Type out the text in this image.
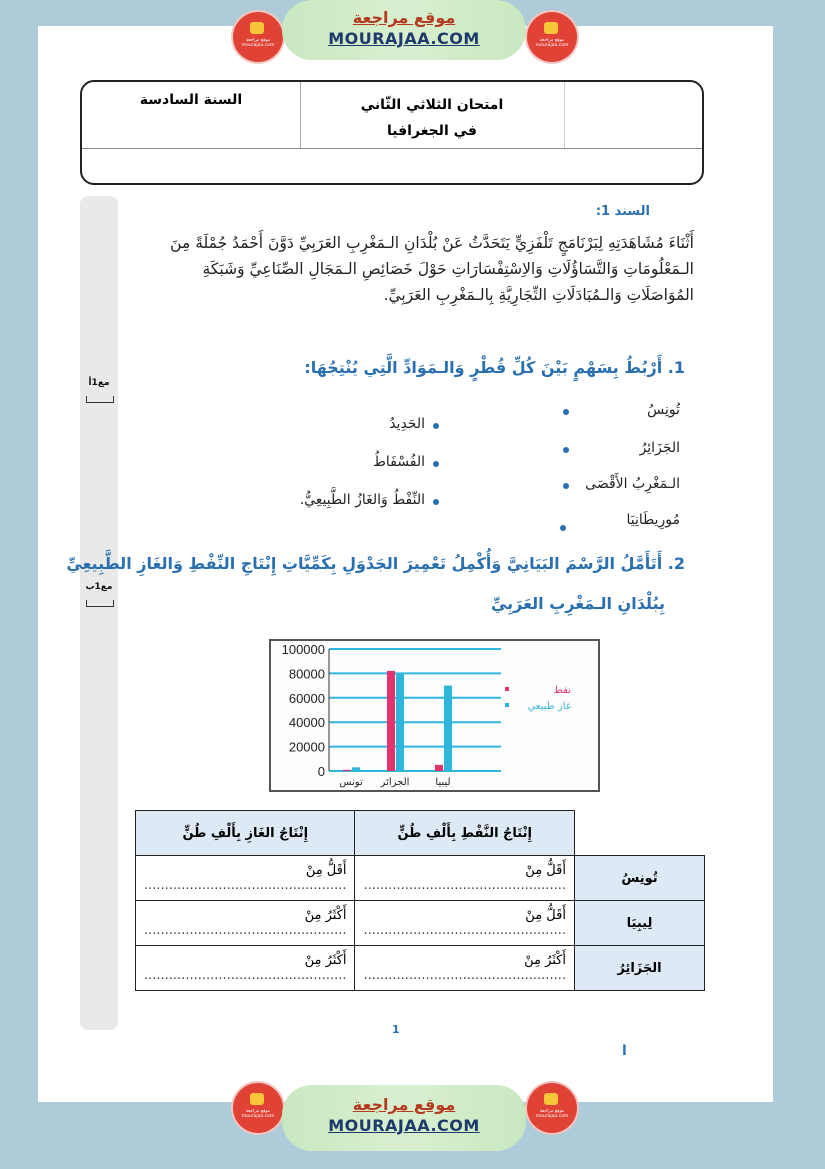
موقع مراجعة mourajaa.com
موقع مراجعة
MOURAJAA.COM	موقع مراجعة mourajaa.com
امتحان الثلاثي الثّاني
في الجغرافيا
السنة السادسة
مع1أ
مع1ب
السند 1:
أَثْنَاءَ مُشَاهَدَتِهِ لِبَرْنَامَجٍ تَلْفَزِيٍّ يَتَحَدَّثُ عَنْ بُلْدَانِ الـمَغْرِبِ العَرَبِيِّ دَوَّنَ أَحْمَدُ جُمْلَةً مِنَ الـمَعْلُومَاتِ وَالتَّسَاؤُلَاتِ وَالاِسْتِفْسَارَاتِ حَوْلَ خَصَائِصِ الـمَجَالِ الصِّنَاعِيِّ وَشَبَكَةِ المُوَاصَلَاتِ وَالـمُبَادَلَاتِ التِّجَارِيَّةِ بِالـمَغْرِبِ العَرَبِيِّ.
1. أَرْبُطُ بِسَهْمٍ بَيْنَ كُلِّ قُطْرٍ وَالـمَوَادِّ الَّتِي يُنْتِجُهَا:
تُونِسُ
الجَزَائِرُ
الـمَغْرِبُ الأَقْصَى
مُورِيطَانِيَا
الحَدِيدُ
الفُسْفَاطُ
النِّفْطُ وَالغَازُ الطَّبِيعِيُّ.
2. أَتَأَمَّلُ الرَّسْمَ البَيَانِيَّ وَأُكْمِلُ تَعْمِيرَ الجَدْوَلِ بِكَمِّيَّاتِ إِنْتَاجِ النِّفْطِ وَالغَازِ الطَّبِيعِيِّ
بِبُلْدَانِ الـمَغْرِبِ العَرَبِيِّ
0
20000
40000
60000
80000
100000
تونس الجزائر	ليبيا
نفط
غاز طبيعي
	إِنْتَاجُ النَّفْطِ بِأَلْفِ طُنٍّ	إِنْتَاجُ الغَازِ بِأَلْفِ طُنٍّ
تُونِسُ	أَقَلُّ مِنْ .................................................	أَقَلُّ مِنْ .................................................
لِيبِيَا	أَقَلُّ مِنْ .................................................	أَكْثَرُ مِنْ .................................................
الجَزَائِرُ	أَكْثَرُ مِنْ .................................................	أَكْثَرُ مِنْ .................................................
1
ا
موقع مراجعة mourajaa.com
موقع مراجعة
MOURAJAA.COM
موقع مراجعة mourajaa.com
